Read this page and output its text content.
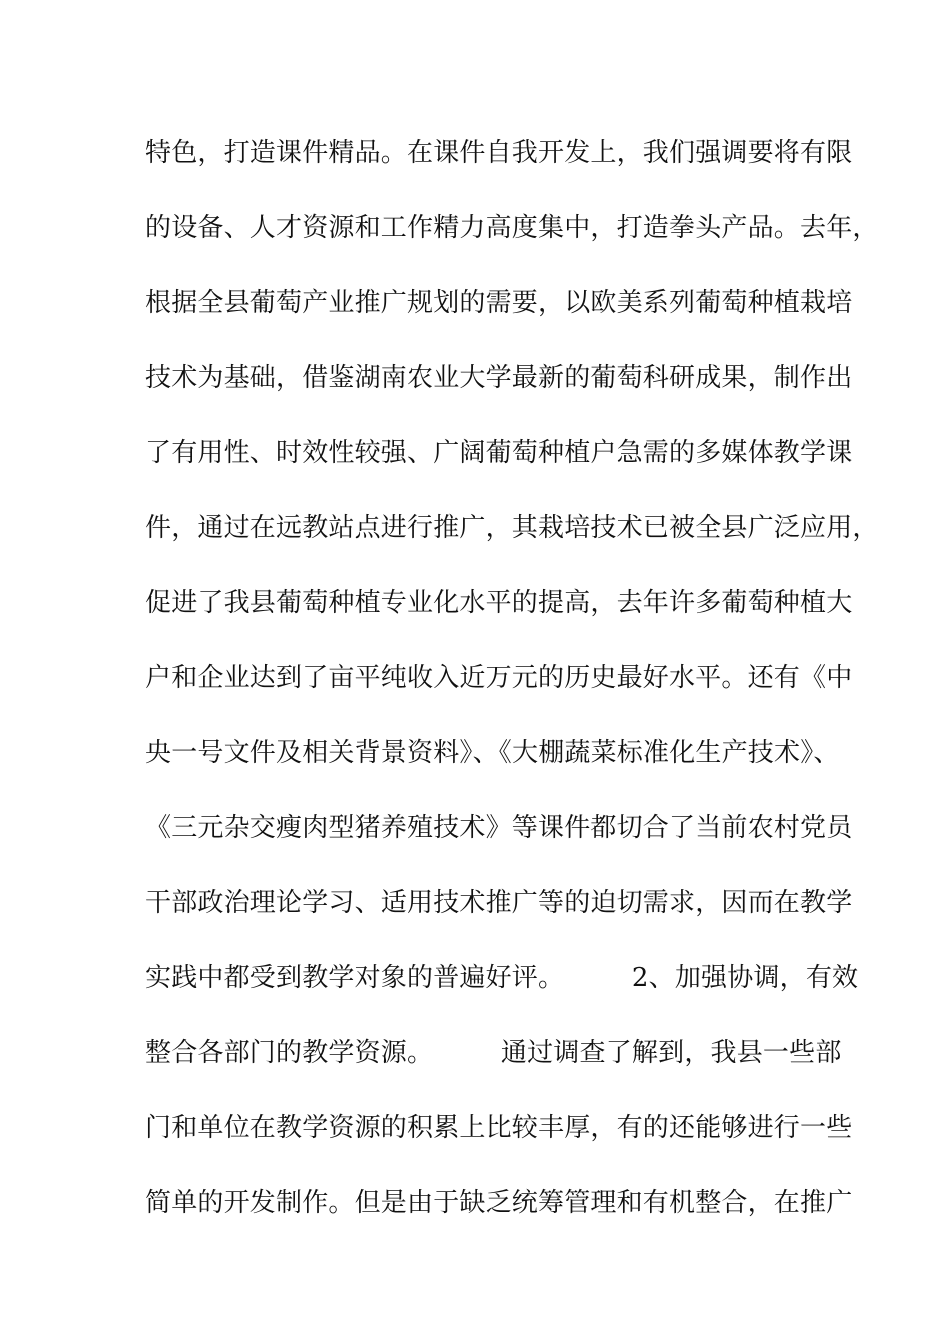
特色，打造课件精品。在课件自我开发上，我们强调要将有限
的设备、人才资源和工作精力高度集中，打造拳头产品。去年，
根据全县葡萄产业推广规划的需要，以欧美系列葡萄种植栽培
技术为基础，借鉴湖南农业大学最新的葡萄科研成果，制作出
了有用性、时效性较强、广阔葡萄种植户急需的多媒体教学课
件，通过在远教站点进行推广，其栽培技术已被全县广泛应用，
促进了我县葡萄种植专业化水平的提高，去年许多葡萄种植大
户和企业达到了亩平纯收入近万元的历史最好水平。还有《中
央一号文件及相关背景资料》、《大棚蔬菜标准化生产技术》、
《三元杂交瘦肉型猪养殖技术》等课件都切合了当前农村党员
干部政治理论学习、适用技术推广等的迫切需求，因而在教学
实践中都受到教学对象的普遍好评。        2、加强协调，有效
整合各部门的教学资源。        通过调查了解到，我县一些部
门和单位在教学资源的积累上比较丰厚，有的还能够进行一些
简单的开发制作。但是由于缺乏统筹管理和有机整合，在推广
